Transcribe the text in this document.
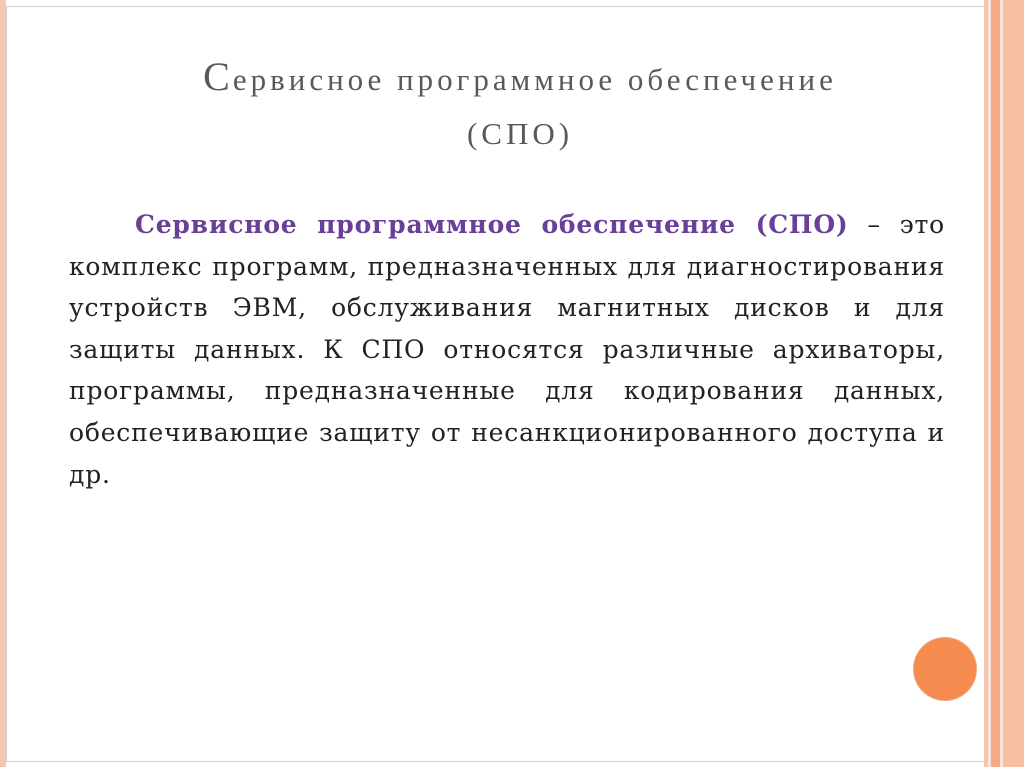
Сервисное программное обеспечение (СПО)

Сервисное программное обеспечение (СПО) – это комплекс программ, предназначенных для диагностирования устройств ЭВМ, обслуживания магнитных дисков и для защиты данных. К СПО относятся различные архиваторы, программы, предназначенные для кодирования данных, обеспечивающие защиту от несанкционированного доступа и др.
